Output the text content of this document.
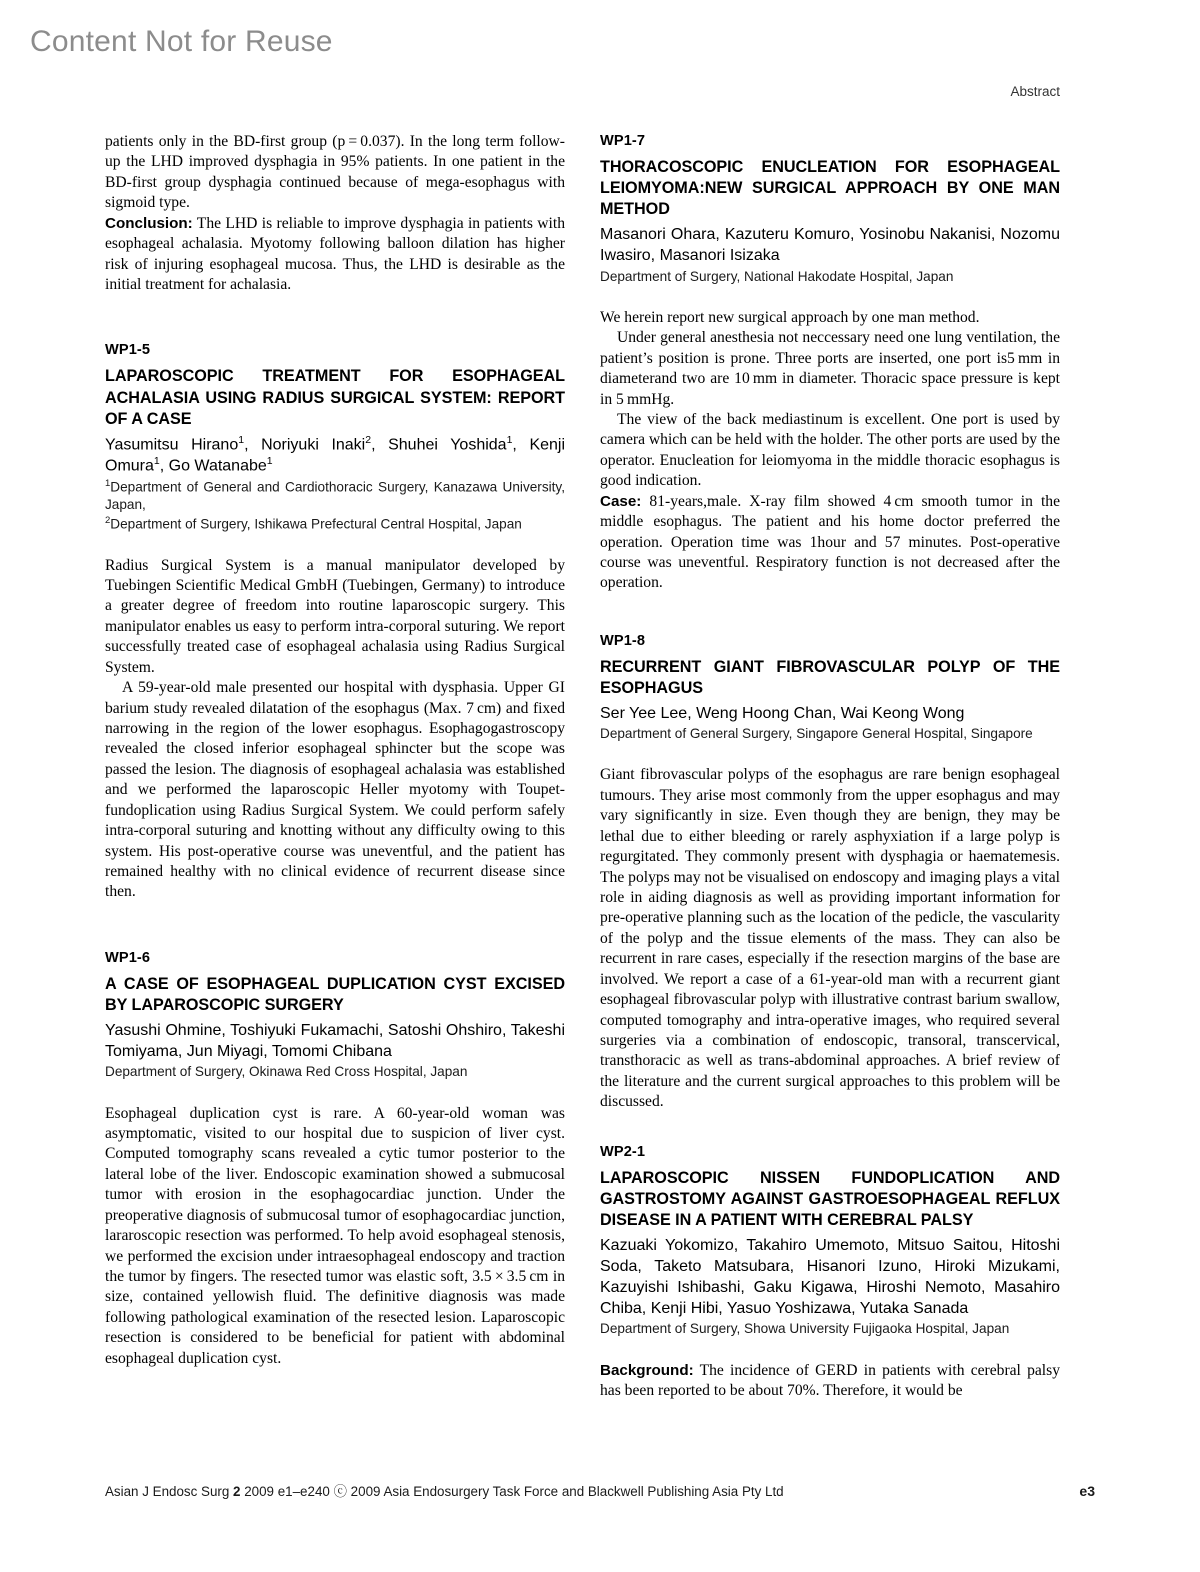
Content Not for Reuse
Abstract

patients only in the BD-first group (p = 0.037). In the long term follow-up the LHD improved dysphagia in 95% patients. In one patient in the BD-first group dysphagia continued because of mega-esophagus with sigmoid type.

Conclusion: The LHD is reliable to improve dysphagia in patients with esophageal achalasia. Myotomy following balloon dilation has higher risk of injuring esophageal mucosa. Thus, the LHD is desirable as the initial treatment for achalasia.

WP1-5

LAPAROSCOPIC TREATMENT FOR ESOPHAGEAL ACHALASIA USING RADIUS SURGICAL SYSTEM: REPORT OF A CASE

Yasumitsu Hirano$^1$, Noriyuki Inaki$^2$, Shuhei Yoshida$^1$, Kenji Omura$^1$, Go Watanabe$^1$

$^1$Department of General and Cardiothoracic Surgery, Kanazawa University, Japan,
$^2$Department of Surgery, Ishikawa Prefectural Central Hospital, Japan

Radius Surgical System is a manual manipulator developed by Tuebingen Scientific Medical GmbH (Tuebingen, Germany) to introduce a greater degree of freedom into routine laparoscopic surgery. This manipulator enables us easy to perform intra-corporal suturing. We report successfully treated case of esophageal achalasia using Radius Surgical System.

A 59-year-old male presented our hospital with dysphasia. Upper GI barium study revealed dilatation of the esophagus (Max. 7 cm) and fixed narrowing in the region of the lower esophagus. Esophagogastroscopy revealed the closed inferior esophageal sphincter but the scope was passed the lesion. The diagnosis of esophageal achalasia was established and we performed the laparoscopic Heller myotomy with Toupet-fundoplication using Radius Surgical System. We could perform safely intra-corporal suturing and knotting without any difficulty owing to this system. His post-operative course was uneventful, and the patient has remained healthy with no clinical evidence of recurrent disease since then.

WP1-6

A CASE OF ESOPHAGEAL DUPLICATION CYST EXCISED BY LAPAROSCOPIC SURGERY

Yasushi Ohmine, Toshiyuki Fukamachi, Satoshi Ohshiro, Takeshi Tomiyama, Jun Miyagi, Tomomi Chibana

Department of Surgery, Okinawa Red Cross Hospital, Japan

Esophageal duplication cyst is rare. A 60-year-old woman was asymptomatic, visited to our hospital due to suspicion of liver cyst. Computed tomography scans revealed a cytic tumor posterior to the lateral lobe of the liver. Endoscopic examination showed a submucosal tumor with erosion in the esophagocardiac junction. Under the preoperative diagnosis of submucosal tumor of esophagocardiac junction, lararoscopic resection was performed. To help avoid esophageal stenosis, we performed the excision under intraesophageal endoscopy and traction the tumor by fingers. The resected tumor was elastic soft, 3.5 × 3.5 cm in size, contained yellowish fluid. The definitive diagnosis was made following pathological examination of the resected lesion. Laparoscopic resection is considered to be beneficial for patient with abdominal esophageal duplication cyst.

WP1-7

THORACOSCOPIC ENUCLEATION FOR ESOPHAGEAL LEIOMYOMA:NEW SURGICAL APPROACH BY ONE MAN METHOD

Masanori Ohara, Kazuteru Komuro, Yosinobu Nakanisi, Nozomu Iwasiro, Masanori Isizaka

Department of Surgery, National Hakodate Hospital, Japan

We herein report new surgical approach by one man method.

Under general anesthesia not neccessary need one lung ventilation, the patient’s position is prone. Three ports are inserted, one port is5 mm in diameterand two are 10 mm in diameter. Thoracic space pressure is kept in 5 mmHg.

The view of the back mediastinum is excellent. One port is used by camera which can be held with the holder. The other ports are used by the operator. Enucleation for leiomyoma in the middle thoracic esophagus is good indication.

Case: 81-years,male. X-ray film showed 4 cm smooth tumor in the middle esophagus. The patient and his home doctor preferred the operation. Operation time was 1hour and 57 minutes. Post-operative course was uneventful. Respiratory function is not decreased after the operation.

WP1-8

RECURRENT GIANT FIBROVASCULAR POLYP OF THE ESOPHAGUS

Ser Yee Lee, Weng Hoong Chan, Wai Keong Wong

Department of General Surgery, Singapore General Hospital, Singapore

Giant fibrovascular polyps of the esophagus are rare benign esophageal tumours. They arise most commonly from the upper esophagus and may vary significantly in size. Even though they are benign, they may be lethal due to either bleeding or rarely asphyxiation if a large polyp is regurgitated. They commonly present with dysphagia or haematemesis. The polyps may not be visualised on endoscopy and imaging plays a vital role in aiding diagnosis as well as providing important information for pre-operative planning such as the location of the pedicle, the vascularity of the polyp and the tissue elements of the mass. They can also be recurrent in rare cases, especially if the resection margins of the base are involved. We report a case of a 61-year-old man with a recurrent giant esophageal fibrovascular polyp with illustrative contrast barium swallow, computed tomography and intra-operative images, who required several surgeries via a combination of endoscopic, transoral, transcervical, transthoracic as well as trans-abdominal approaches. A brief review of the literature and the current surgical approaches to this problem will be discussed.

WP2-1

LAPAROSCOPIC NISSEN FUNDOPLICATION AND GASTROSTOMY AGAINST GASTROESOPHAGEAL REFLUX DISEASE IN A PATIENT WITH CEREBRAL PALSY

Kazuaki Yokomizo, Takahiro Umemoto, Mitsuo Saitou, Hitoshi Soda, Taketo Matsubara, Hisanori Izuno, Hiroki Mizukami, Kazuyishi Ishibashi, Gaku Kigawa, Hiroshi Nemoto, Masahiro Chiba, Kenji Hibi, Yasuo Yoshizawa, Yutaka Sanada

Department of Surgery, Showa University Fujigaoka Hospital, Japan

Background: The incidence of GERD in patients with cerebral palsy has been reported to be about 70%. Therefore, it would be

Asian J Endosc Surg 2 2009 e1–e240 ⓒ 2009 Asia Endosurgery Task Force and Blackwell Publishing Asia Pty Ltd	e3
